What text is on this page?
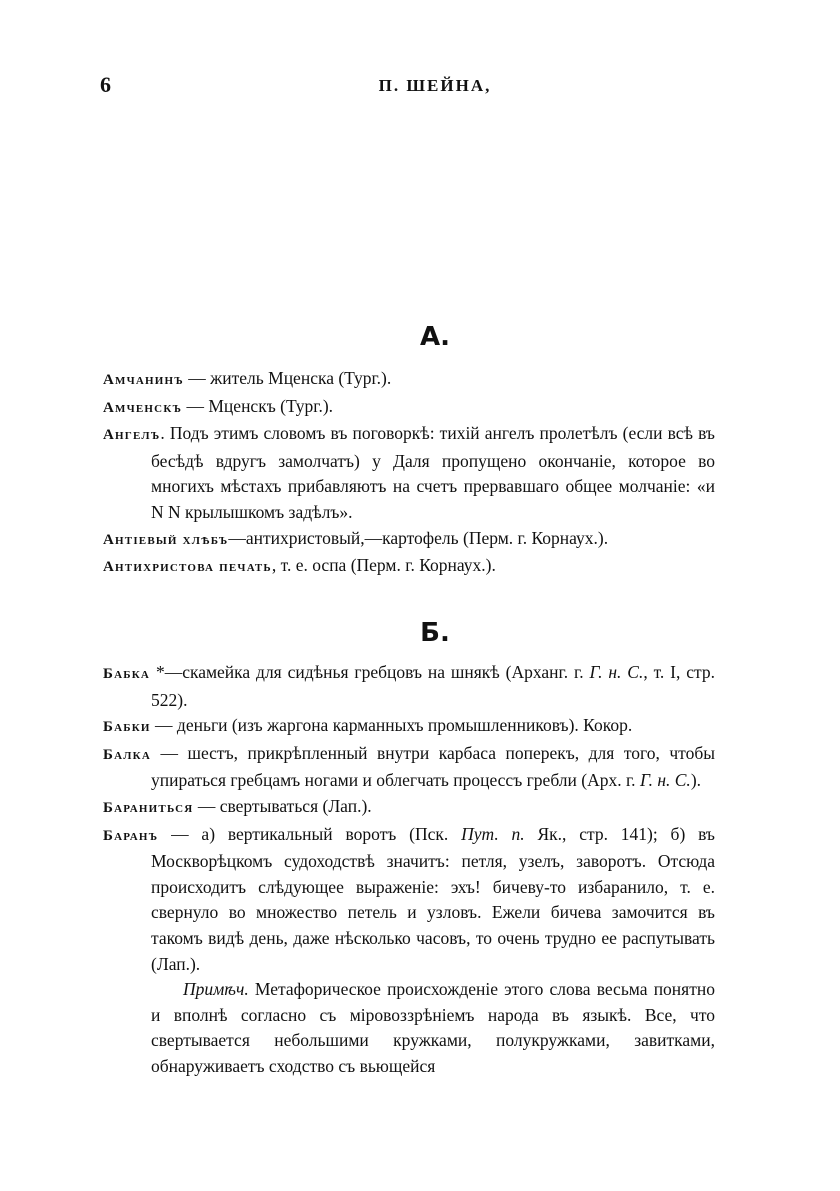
6	П. ШЕЙНА,
А.

Амчанинъ — житель Мценска (Тург.).

Амченскъ — Мценскъ (Тург.).

Ангелъ. Подъ этимъ словомъ въ поговоркѣ: тихій ангелъ пролетѣлъ (если всѣ въ бесѣдѣ вдругъ замолчатъ) у Даля пропущено окончаніе, которое во многихъ мѣстахъ прибавляютъ на счетъ прервавшаго общее молчаніе: «и N N крылышкомъ задѣлъ».

Антіевый хлѣбъ—антихристовый,—картофель (Перм. г. Корнаух.).

Антихристова печать, т. е. оспа (Перм. г. Корнаух.).

Б.

Бабка *—скамейка для сидѣнья гребцовъ на шнякѣ (Арханг. г. Г. н. С., т. I, стр. 522).

Бабки — деньги (изъ жаргона карманныхъ промышленниковъ). Кокор.

Балка — шестъ, прикрѣпленный внутри карбаса поперекъ, для того, чтобы упираться гребцамъ ногами и облегчать процессъ гребли (Арх. г. Г. н. С.).

Бараниться — свертываться (Лап.).

Баранъ — а) вертикальный воротъ (Пск. Пут. п. Як., стр. 141); б) въ Москворѣцкомъ судоходствѣ значитъ: петля, узелъ, заворотъ. Отсюда происходитъ слѣдующее выраженіе: эхъ! бичеву-то избаранило, т. е. свернуло во множество петель и узловъ. Ежели бичева замочится въ такомъ видѣ день, даже нѣсколько часовъ, то очень трудно ее распутывать (Лап.).

Примѣч. Метафорическое происхожденіе этого слова весьма понятно и вполнѣ согласно съ міровоззрѣніемъ народа въ языкѣ. Все, что свертывается небольшими кружками, полукружками, завитками, обнаруживаетъ сходство съ вьющейся
